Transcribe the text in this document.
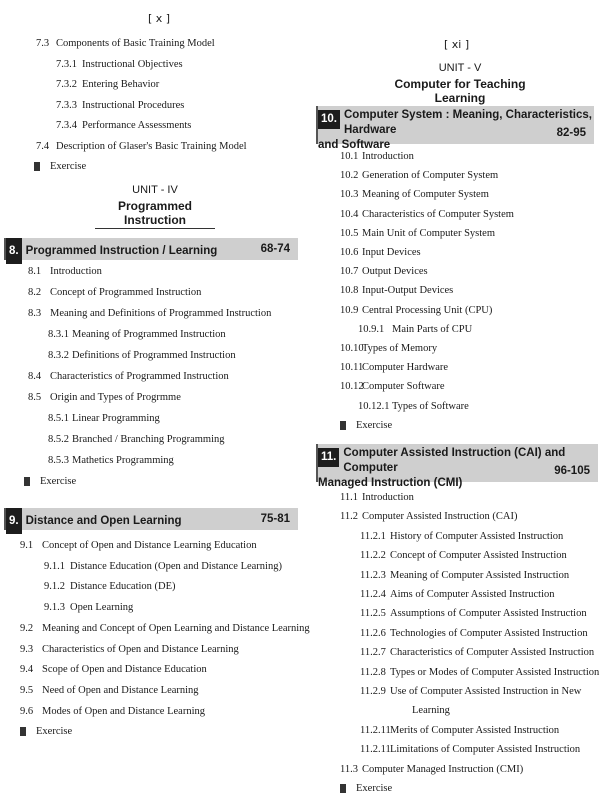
[ x ]
7.3 Components of Basic Training Model
7.3.1 Instructional Objectives
7.3.2 Entering Behavior
7.3.3 Instructional Procedures
7.3.4 Performance Assessments
7.4 Description of Glaser's Basic Training Model
Exercise
UNIT - IV
Programmed Instruction
8. Programmed Instruction / Learning	68-74
8.1 Introduction
8.2 Concept of Programmed Instruction
8.3 Meaning and Definitions of Programmed Instruction
8.3.1 Meaning of Programmed Instruction
8.3.2 Definitions of Programmed Instruction
8.4 Characteristics of Programmed Instruction
8.5 Origin and Types of Progrmme
8.5.1 Linear Programming
8.5.2 Branched / Branching Programming
8.5.3 Mathetics Programming
Exercise
9. Distance and Open Learning	75-81
9.1 Concept of Open and Distance Learning Education
9.1.1 Distance Education (Open and Distance Learning)
9.1.2 Distance Education (DE)
9.1.3 Open Learning
9.2 Meaning and Concept of Open Learning and Distance Learning
9.3 Characteristics of Open and Distance Learning
9.4 Scope of Open and Distance Education
9.5 Need of Open and Distance Learning
9.6 Modes of Open and Distance Learning
Exercise
[ xi ]
UNIT - V
Computer for Teaching Learning
10. Computer System : Meaning, Characteristics, Hardware
and Software
82-95
10.1 Introduction
10.2 Generation of Computer System
10.3 Meaning of Computer System
10.4 Characteristics of Computer System
10.5 Main Unit of Computer System
10.6 Input Devices
10.7 Output Devices
10.8 Input-Output Devices
10.9 Central Processing Unit (CPU)
10.9.1 Main Parts of CPU
10.10Types of Memory
10.11Computer Hardware
10.12Computer Software
10.12.1 Types of Software
Exercise
11. Computer Assisted Instruction (CAI) and Computer
Managed Instruction (CMI)
96-105
11.1 Introduction
11.2 Computer Assisted Instruction (CAI)
11.2.1 History of Computer Assisted Instruction
11.2.2 Concept of Computer Assisted Instruction
11.2.3 Meaning of Computer Assisted Instruction
11.2.4 Aims of Computer Assisted Instruction
11.2.5 Assumptions of Computer Assisted Instruction
11.2.6 Technologies of Computer Assisted Instruction
11.2.7 Characteristics of Computer Assisted Instruction
11.2.8 Types or Modes of Computer Assisted Instruction
11.2.9 Use of Computer Assisted Instruction in New
Learning
11.2.11Merits of Computer Assisted Instruction
11.2.11Limitations of Computer Assisted Instruction
11.3 Computer Managed Instruction (CMI)
Exercise
